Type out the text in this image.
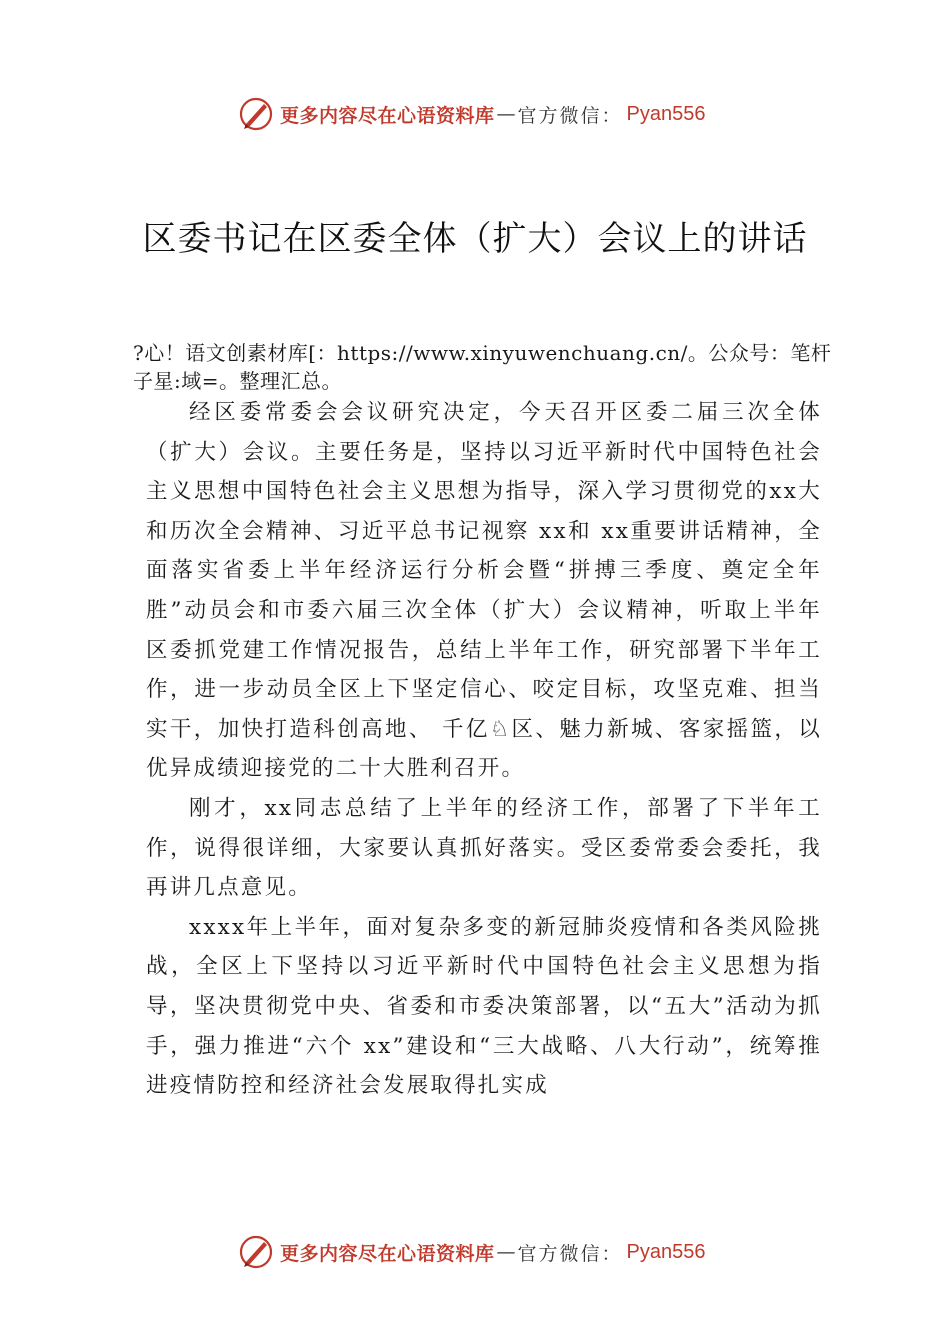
更多内容尽在心语资料库 — 官方微信： Pyan556
区委书记在区委全体（扩大）会议上的讲话
?心！语文创素材库[：https://www.xinyuwenchuang.cn/。公众号：笔杆子星:域=。整理汇总。

经区委常委会会议研究决定，今天召开区委二届三次全体（扩大）会议。主要任务是，坚持以习近平新时代中国特色社会主义思想中国特色社会主义思想为指导，深入学习贯彻党的xx大和历次全会精神、习近平总书记视察 xx和 xx重要讲话精神，全面落实省委上半年经济运行分析会暨“拼搏三季度、奠定全年胜”动员会和市委六届三次全体（扩大）会议精神，听取上半年区委抓党建工作情况报告，总结上半年工作，研究部署下半年工作，进一步动员全区上下坚定信心、咬定目标，攻坚克难、担当实干，加快打造科创高地、 千亿♘区、魅力新城、客家摇篮，以优异成绩迎接党的二十大胜利召开。

刚才，xx同志总结了上半年的经济工作，部署了下半年工作，说得很详细，大家要认真抓好落实。受区委常委会委托，我再讲几点意见。

xxxx年上半年，面对复杂多变的新冠肺炎疫情和各类风险挑战，全区上下坚持以习近平新时代中国特色社会主义思想为指导，坚决贯彻党中央、省委和市委决策部署，以“五大”活动为抓手，强力推进“六个 xx”建设和“三大战略、八大行动”，统筹推进疫情防控和经济社会发展取得扎实成

更多内容尽在心语资料库 — 官方微信： Pyan556
